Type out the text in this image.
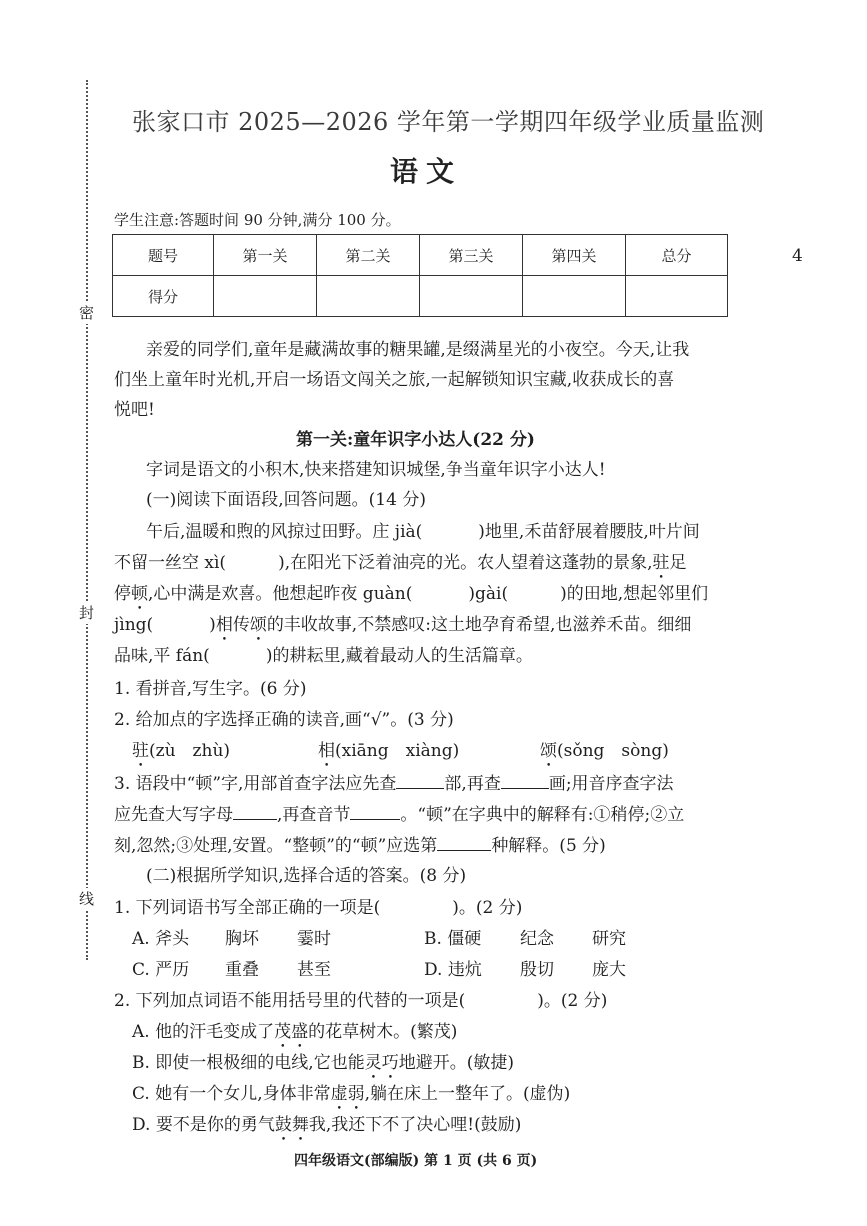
密
封
线
张家口市 2025—2026 学年第一学期四年级学业质量监测
语文
4
学生注意:答题时间 90 分钟,满分 100 分。
题号	第一关	第二关	第三关	第四关	总分
得分					
亲爱的同学们,童年是藏满故事的糖果罐,是缀满星光的小夜空。今天,让我
们坐上童年时光机,开启一场语文闯关之旅,一起解锁知识宝藏,收获成长的喜
悦吧!
第一关:童年识字小达人(22 分)
字词是语文的小积木,快来搭建知识城堡,争当童年识字小达人!
(一)阅读下面语段,回答问题。(14 分)
午后,温暖和煦的风掠过田野。庄 jià(	)地里,禾苗舒展着腰肢,叶片间
不留一丝空 xì(	),在阳光下泛着油亮的光。农人望着这蓬勃的景象,驻足
停顿,心中满是欢喜。他想起昨夜 guàn(	)gài(	)的田地,想起邻里们
jìng(	)相传颂的丰收故事,不禁感叹:这土地孕育希望,也滋养禾苗。细细
品味,平 fán(	)的耕耘里,藏着最动人的生活篇章。
1. 看拼音,写生字。(6 分)
2. 给加点的字选择正确的读音,画“√”。(3 分)
驻(zù　zhù)	相(xiāng　xiàng)	颂(sǒng　sòng)
3. 语段中“顿”字,用部首查字法应先查	部,再查	画;用音序查字法
应先查大写字母	,再查音节	。“顿”在字典中的解释有:①稍停;②立
刻,忽然;③处理,安置。“整顿”的“顿”应选第	种解释。(5 分)
(二)根据所学知识,选择合适的答案。(8 分)
1. 下列词语书写全部正确的一项是(	)。(2 分)
A. 斧头 胸坏 霎时	B. 僵硬 纪念 研究
C. 严历 重叠 甚至	D. 违炕 殷切 庞大
2. 下列加点词语不能用括号里的代替的一项是(	)。(2 分)
A. 他的汗毛变成了茂盛的花草树木。(繁茂)
B. 即使一根极细的电线,它也能灵巧地避开。(敏捷)
C. 她有一个女儿,身体非常虚弱,躺在床上一整年了。(虚伪)
D. 要不是你的勇气鼓舞我,我还下不了决心哩!(鼓励)
四年级语文(部编版) 第 1 页 (共 6 页)
